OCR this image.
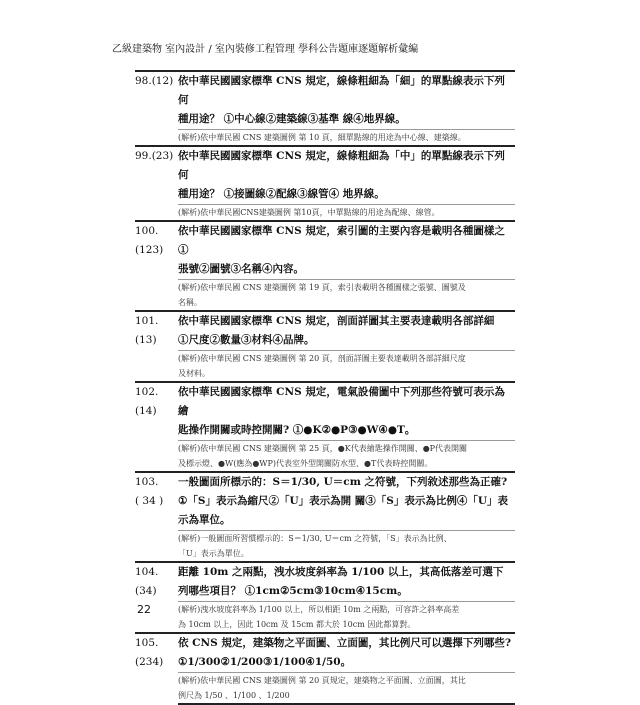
乙級建築物 室內設計 / 室內裝修工程管理 學科公告題庫逐題解析彙編
98.(12)	依中華民國國家標準 CNS 規定，線條粗細為「細」的單點線表示下列何
種用途？ ①中心線②建築線③基準 線④地界線。

	(解析)依中華民國 CNS 建築圖例 第 10 頁，細單點線的用途為中心線、建築線。

99.(23)	依中華民國國家標準 CNS 規定，線條粗細為「中」的單點線表示下列何
種用途？ ①接圖線②配線③線管④ 地界線。

	(解析)依中華民國CNS建築圖例 第10頁，中單點線的用途為配線、線管。

100.
(123)	依中華民國國家標準 CNS 規定，索引圖的主要內容是載明各種圖樣之①
張號②圖號③名稱④內容。

	(解析)依中華民國 CNS 建築圖例 第 19 頁，索引表載明各種圖樣之張號、圖號及
名稱。

101.
(13)	依中華民國國家標準 CNS 規定，剖面詳圖其主要表達載明各部詳細
①尺度②數量③材料④品牌。

	(解析)依中華民國 CNS 建築圖例 第 20 頁，剖面詳圖主要表達載明各部詳細尺度
及材料。

102.
(14)	依中華民國國家標準 CNS 規定，電氣設備圖中下列那些符號可表示為繪
匙操作開關或時控開關? ①●K②●P③●W④●T。

	(解析)依中華民國 CNS 建築圖例 第 25 頁，●K代表繪匙操作開關、●P代表開關
及標示燈、●W(應為●WP)代表室外型開關防水型、●T代表時控開關。

103.
( 34 )	一般圖面所標示的：S＝1/30, U＝cm 之符號，下列敘述那些為正確?
①「S」表示為縮尺②「U」表示為開 關③「S」表示為比例④「U」表
示為單位。

	(解析)一般圖面所習慣標示的：S＝1/30, U＝cm 之符號，「S」表示為比例、
「U」表示為單位。

104.
(34)	距離 10m 之兩點，洩水坡度斜率為 1/100 以上，其高低落差可選下
列哪些項目？ ①1cm②5cm③10cm④15cm。

	(解析)洩水坡度斜率為 1/100 以上，所以相距 10m 之兩點，可容許之斜率高差
為 10cm 以上，因此 10cm 及 15cm 都大於 10cm 因此都算對。

105.
(234)	依 CNS 規定，建築物之平面圖、立面圖，其比例尺可以選擇下列哪些?
①1/300②1/200③1/100④1/50。

	(解析)依中華民國 CNS 建築圖例 第 20 頁規定，建築物之平面圖、立面圖，其比
例尺為 1/50 、1/100 、1/200
22
